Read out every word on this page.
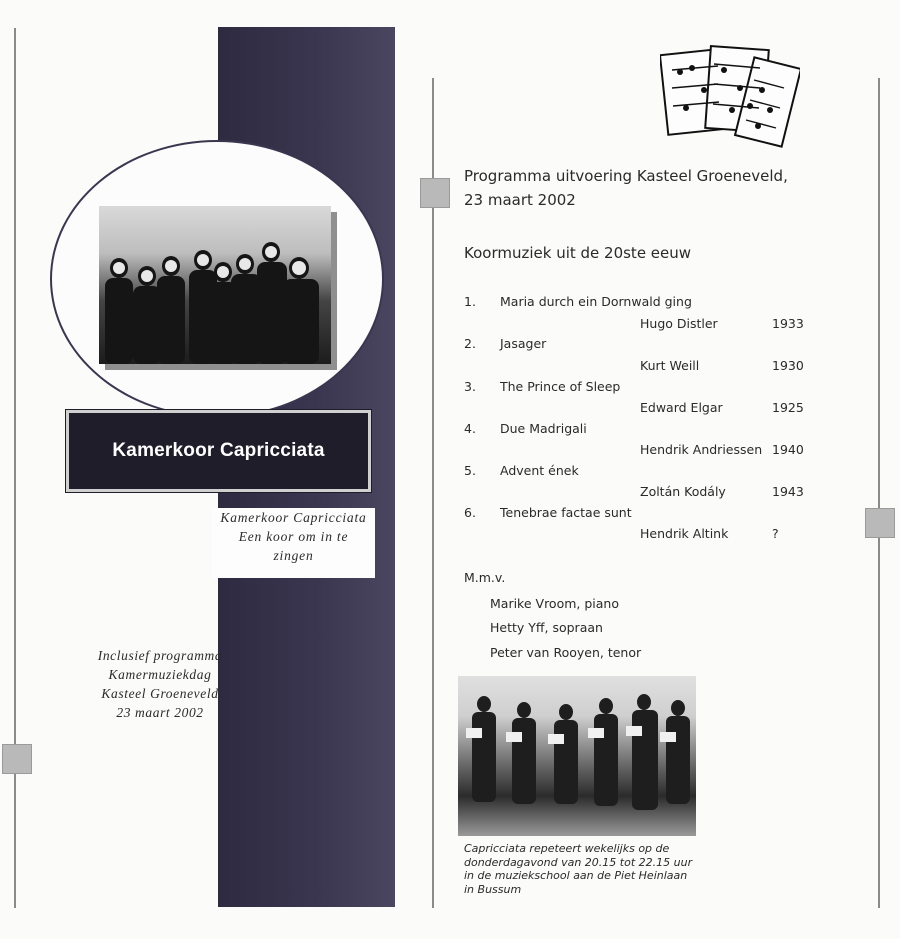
Kamerkoor Capricciata
Kamerkoor Capricciata
Een koor om in te
zingen
Inclusief programma
Kamermuziekdag
Kasteel Groeneveld
23 maart 2002
Programma uitvoering Kasteel Groeneveld,
23 maart 2002
Koormuziek uit de 20ste eeuw
1. Maria durch ein Dornwald ging
Hugo Distler	1933
2. Jasager
Kurt Weill	1930
3. The Prince of Sleep
Edward Elgar	1925
4. Due Madrigali
Hendrik Andriessen 1940
5. Advent ének
Zoltán Kodály	1943
6. Tenebrae factae sunt
Hendrik Altink	?
M.m.v.
Marike Vroom, piano
Hetty Yff, sopraan
Peter van Rooyen, tenor
Capricciata repeteert wekelijks op de
donderdagavond van 20.15 tot 22.15 uur
in de muziekschool aan de Piet Heinlaan
in Bussum
